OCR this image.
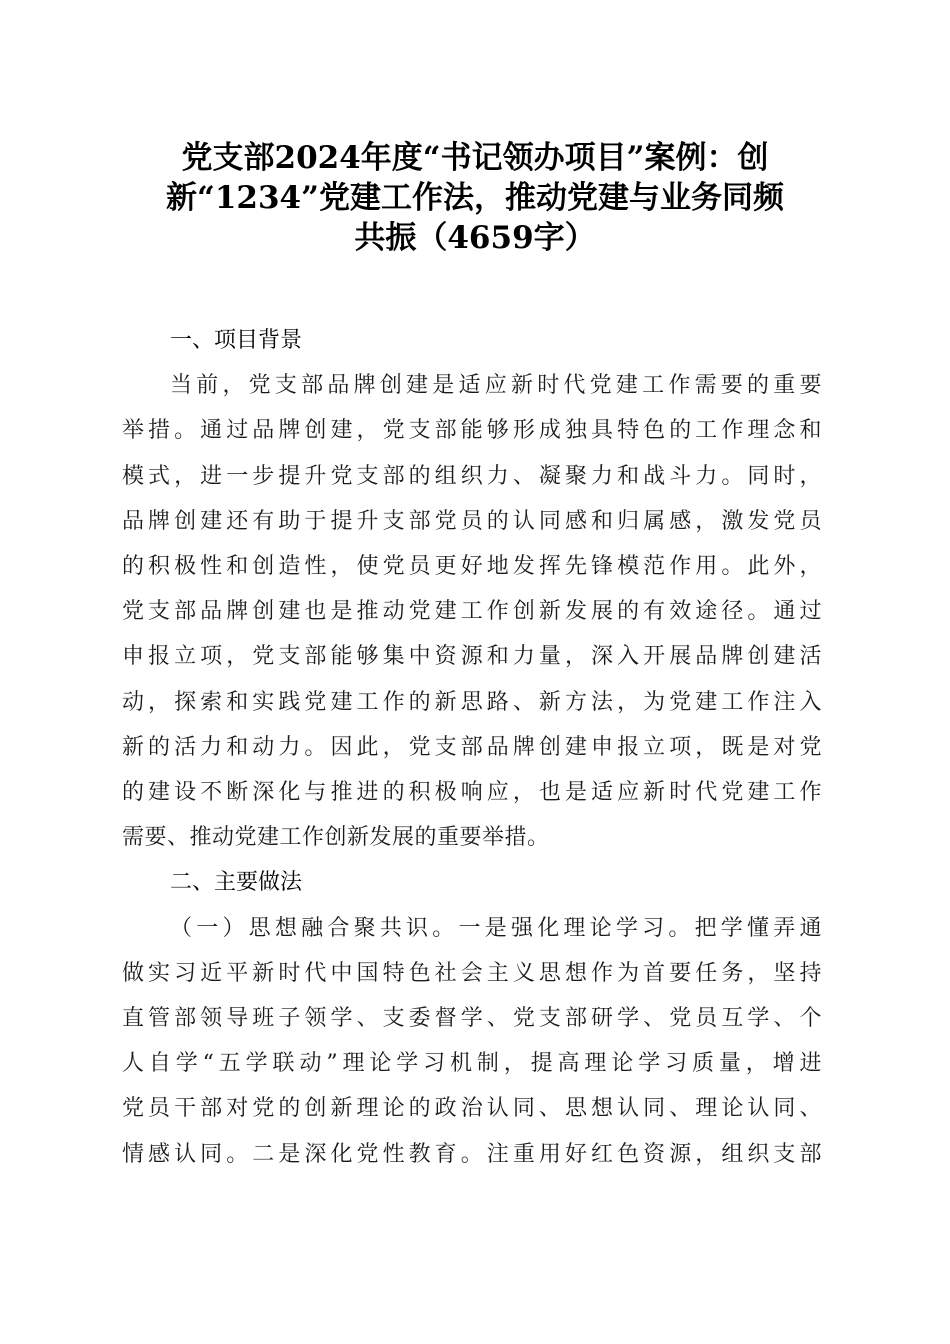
党支部2024年度“书记领办项目”案例：创
新“1234”党建工作法，推动党建与业务同频
共振（4659字）
一、项目背景
当前，党支部品牌创建是适应新时代党建工作需要的重要
举措。通过品牌创建，党支部能够形成独具特色的工作理念和
模式，进一步提升党支部的组织力、凝聚力和战斗力。同时，
品牌创建还有助于提升支部党员的认同感和归属感，激发党员
的积极性和创造性，使党员更好地发挥先锋模范作用。此外，
党支部品牌创建也是推动党建工作创新发展的有效途径。通过
申报立项，党支部能够集中资源和力量，深入开展品牌创建活
动，探索和实践党建工作的新思路、新方法，为党建工作注入
新的活力和动力。因此，党支部品牌创建申报立项，既是对党
的建设不断深化与推进的积极响应，也是适应新时代党建工作
需要、推动党建工作创新发展的重要举措。
二、主要做法
（一）思想融合聚共识。一是强化理论学习。把学懂弄通
做实习近平新时代中国特色社会主义思想作为首要任务，坚持
直管部领导班子领学、支委督学、党支部研学、党员互学、个
人自学“五学联动”理论学习机制，提高理论学习质量，增进
党员干部对党的创新理论的政治认同、思想认同、理论认同、
情感认同。二是深化党性教育。注重用好红色资源，组织支部
